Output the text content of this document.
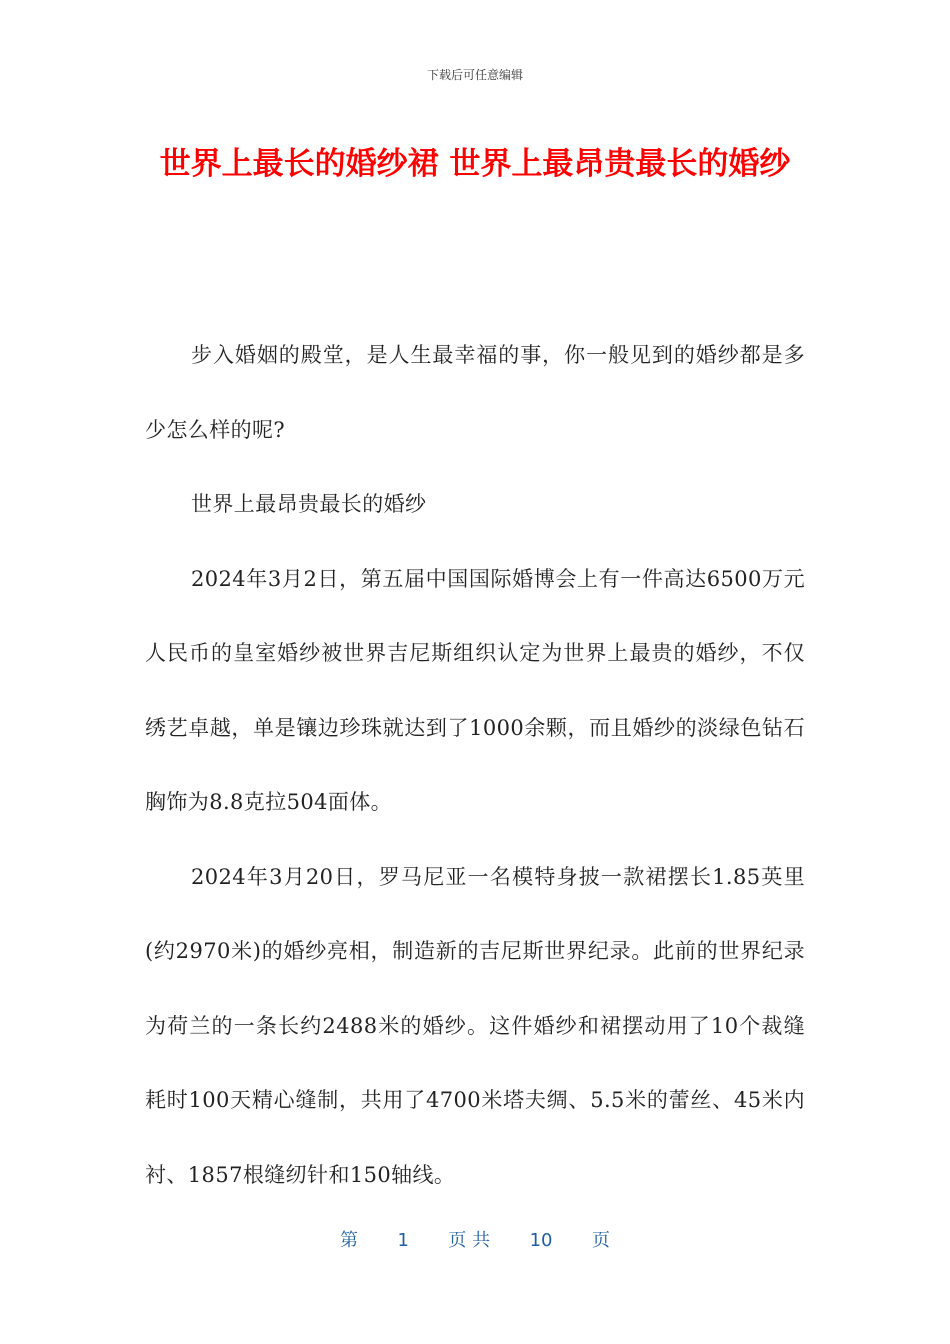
下载后可任意编辑
世界上最长的婚纱裙 世界上最昂贵最长的婚纱

步入婚姻的殿堂，是人生最幸福的事，你一般见到的婚纱都是多少怎么样的呢?

世界上最昂贵最长的婚纱

2024年3月2日，第五届中国国际婚博会上有一件高达6500万元人民币的皇室婚纱被世界吉尼斯组织认定为世界上最贵的婚纱，不仅绣艺卓越，单是镶边珍珠就达到了1000余颗，而且婚纱的淡绿色钻石胸饰为8.8克拉504面体。

2024年3月20日，罗马尼亚一名模特身披一款裙摆长1.85英里(约2970米)的婚纱亮相，制造新的吉尼斯世界纪录。此前的世界纪录为荷兰的一条长约2488米的婚纱。这件婚纱和裙摆动用了10个裁缝耗时100天精心缝制，共用了4700米塔夫绸、5.5米的蕾丝、45米内衬、1857根缝纫针和150轴线。

第 1 页 共 10 页
